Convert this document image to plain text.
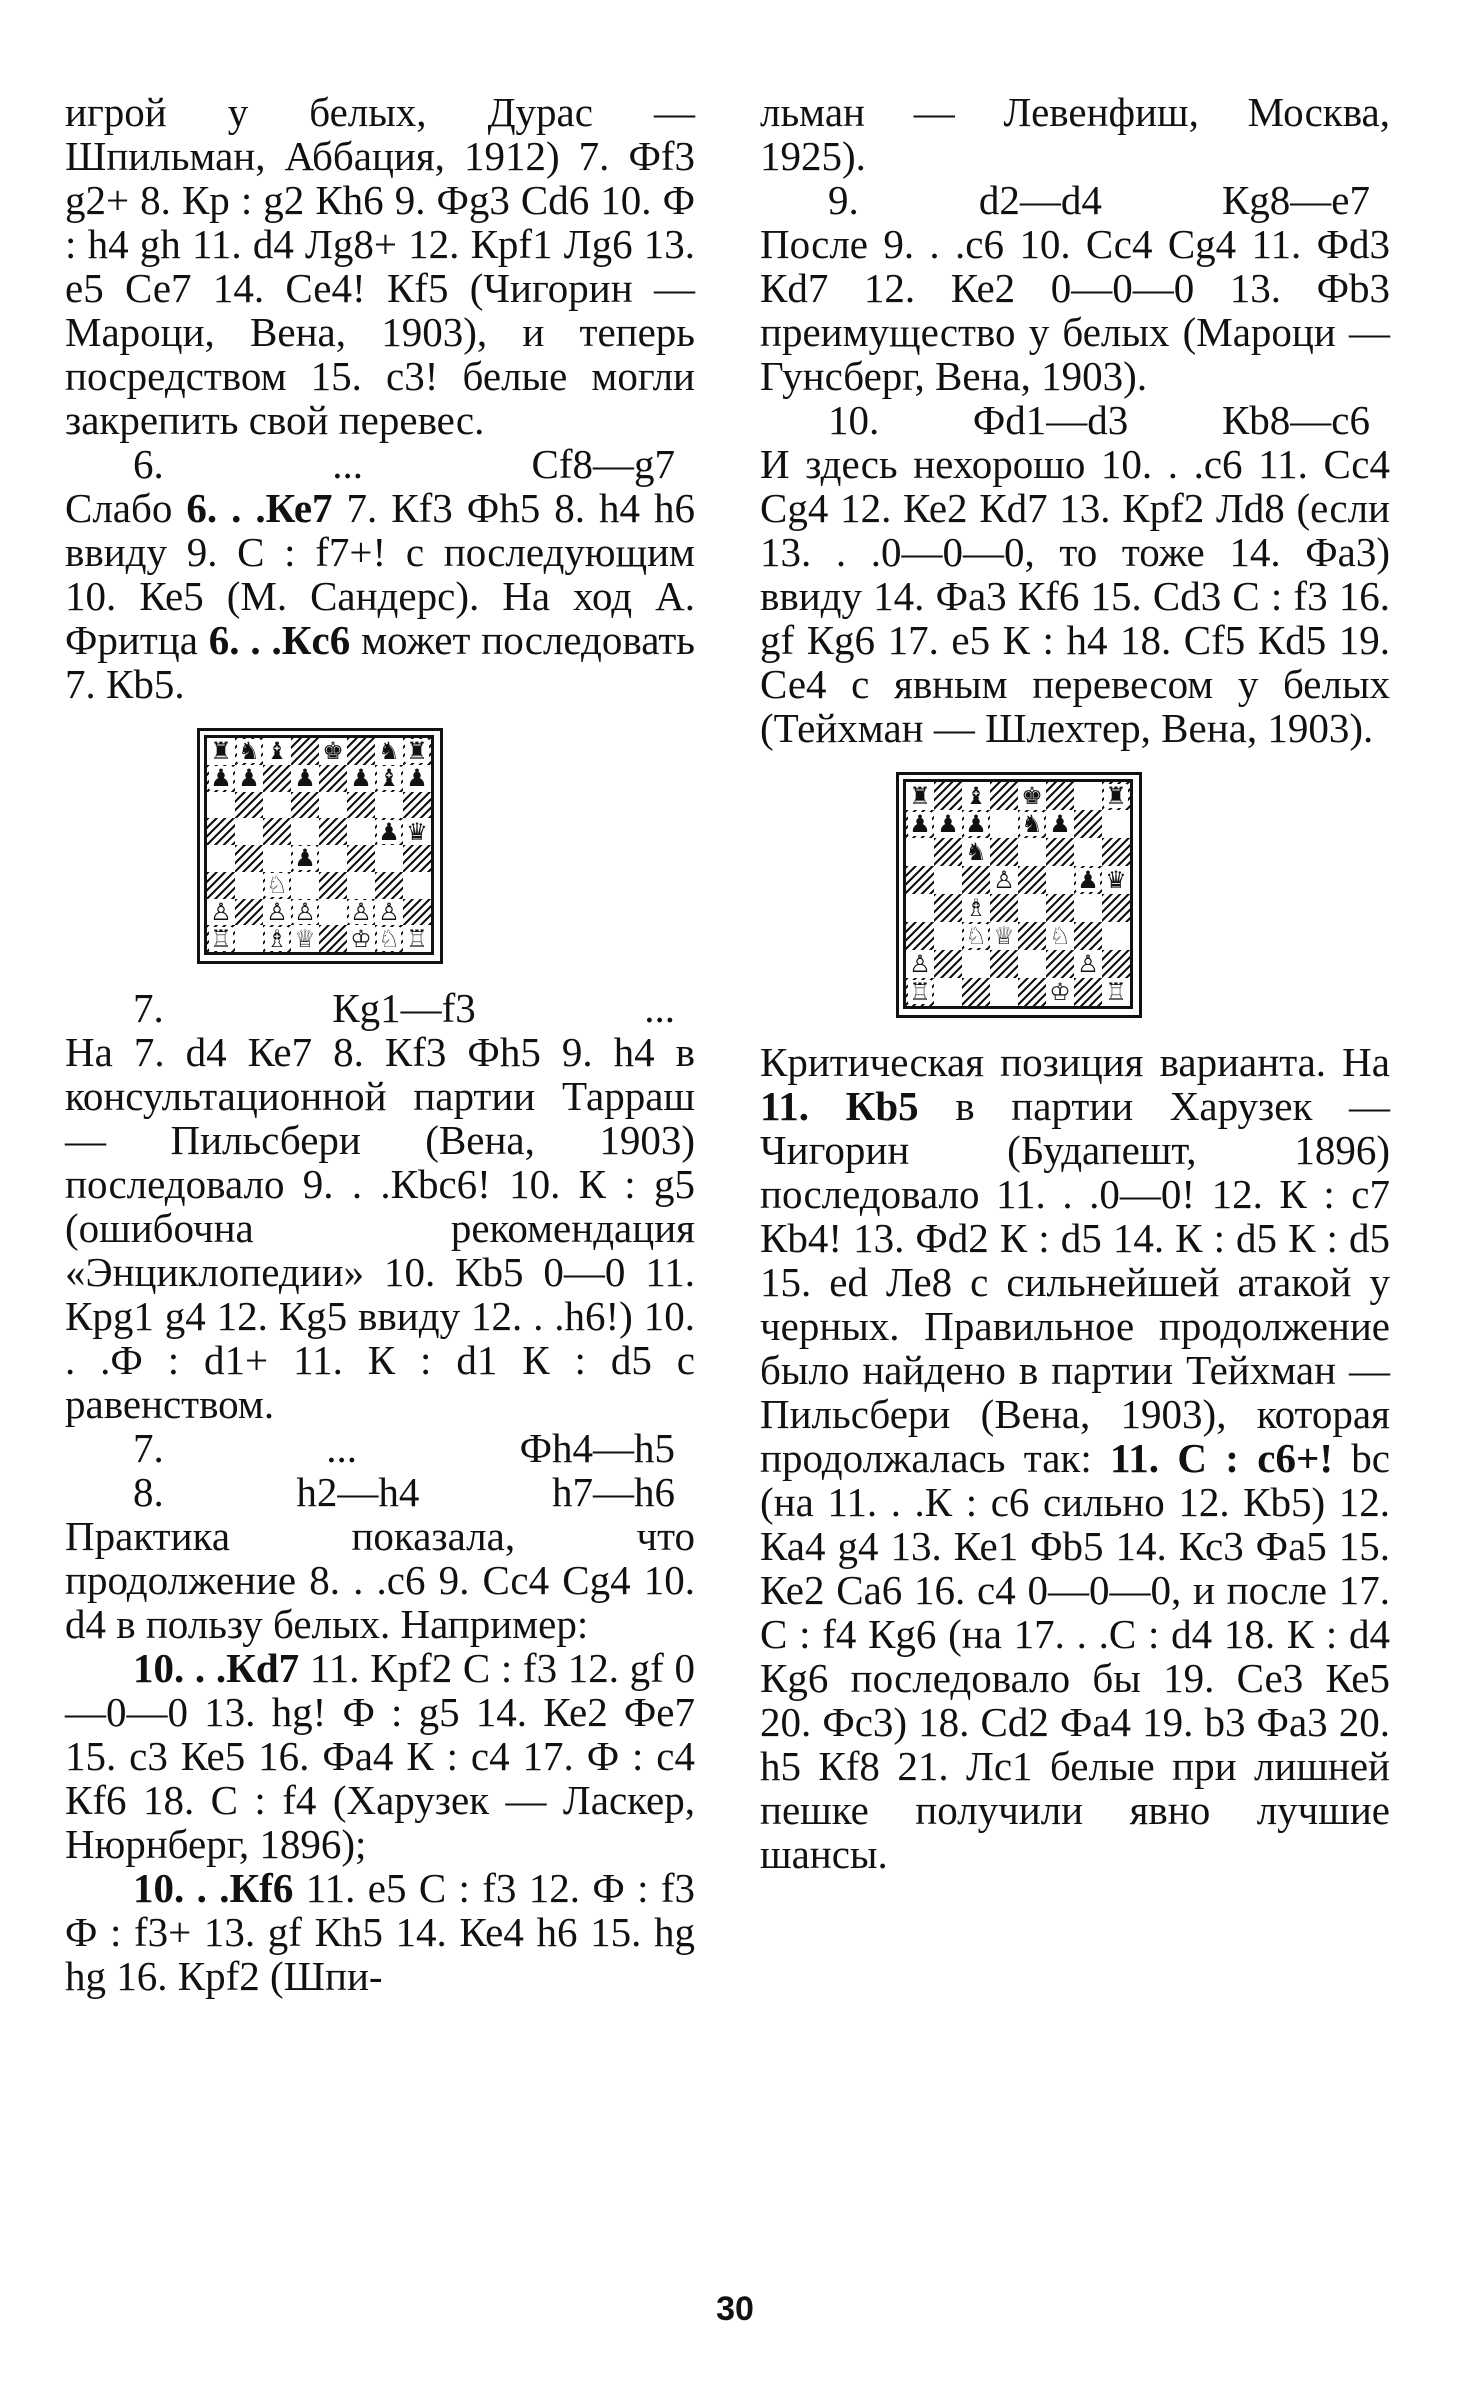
игрой у белых, Дурас — Шпильман, Аббация, 1912) 7. Фf3 g2+ 8. Кр : g2 Кh6 9. Фg3 Сd6 10. Ф : h4 gh 11. d4 Лg8+ 12. Крf1 Лg6 13. е5 Се7 14. Се4! Кf5 (Чигорин — Мароци, Вена, 1903), и теперь посредством 15. с3! белые могли закрепить свой перевес.

6.	...	Сf8—g7

Слабо 6. . .Ке7 7. Кf3 Фh5 8. h4 h6 ввиду 9. С : f7+! с последующим 10. Ке5 (М. Сандерс). На ход А. Фритца 6. . .Кc6 может последовать 7. Кb5.

♜ ♞ ♝ ♚ ♞ ♜
♟ ♟ ♟ ♟ ♝ ♟
♟ ♛
♟
♘
♙ ♙ ♙ ♙ ♙
♖ ♗ ♕ ♔ ♘ ♖
7.	Кg1—f3	...

На 7. d4 Ке7 8. Кf3 Фh5 9. h4 в консультационной партии Тарраш — Пильсбери (Вена, 1903) последовало 9. . .Кbс6! 10. К : g5 (ошибочна рекомендация «Энциклопедии» 10. Кb5 0—0 11. Крg1 g4 12. Кg5 ввиду 12. . .h6!) 10. . .Ф : d1+ 11. К : d1 К : d5 с равенством.

7.	...	Фh4—h5
8.	h2—h4	h7—h6

Практика показала, что продолжение 8. . .с6 9. Сс4 Сg4 10. d4 в пользу белых. Например:

10. . .Кd7 11. Крf2 С : f3 12. gf 0—0—0 13. hg! Ф : g5 14. Ке2 Фе7 15. с3 Ке5 16. Фа4 К : с4 17. Ф : с4 Кf6 18. С : f4 (Харузек — Ласкер, Нюрнберг, 1896);

10. . .Кf6 11. е5 С : f3 12. Ф : f3 Ф : f3+ 13. gf Кh5 14. Ке4 h6 15. hg hg 16. Крf2 (Шпи-

льман — Левенфиш, Москва, 1925).

9.	d2—d4	Кg8—е7

После 9. . .с6 10. Сс4 Сg4 11. Фd3 Кd7 12. Ке2 0—0—0 13. Фb3 преимущество у белых (Мароци — Гунсберг, Вена, 1903).

10. Фd1—d3 Кb8—с6

И здесь нехорошо 10. . .с6 11. Сс4 Сg4 12. Ке2 Кd7 13. Крf2 Лd8 (если 13. . .0—0—0, то тоже 14. Фа3) ввиду 14. Фа3 Кf6 15. Сd3 С : f3 16. gf Кg6 17. е5 К : h4 18. Сf5 Кd5 19. Се4 с явным перевесом у белых (Тейхман — Шлехтер, Вена, 1903).

♜ ♝ ♚	♜
♟ ♟ ♟ ♞ ♟
♞
♙	♟ ♛
♗
♘ ♕ ♘
♙	♙
♖	♔ ♖

Критическая позиция варианта. На 11. Кb5 в партии Харузек — Чигорин (Будапешт, 1896) последовало 11. . .0—0! 12. К : с7 Кb4! 13. Фd2 К : d5 14. К : d5 К : d5 15. еd Ле8 с сильнейшей атакой у черных. Правильное продолжение было найдено в партии Тейхман — Пильсбери (Вена, 1903), которая продолжалась так: 11. С : с6+! bс (на 11. . .К : с6 сильно 12. Кb5) 12. Ка4 g4 13. Ке1 Фb5 14. Кс3 Фа5 15. Ке2 Са6 16. с4 0—0—0, и после 17. С : f4 Кg6 (на 17. . .С : d4 18. К : d4 Кg6 последовало бы 19. Се3 Ке5 20. Фс3) 18. Сd2 Фа4 19. b3 Фа3 20. h5 Кf8 21. Лс1 белые при лишней пешке получили явно лучшие шансы.

30
